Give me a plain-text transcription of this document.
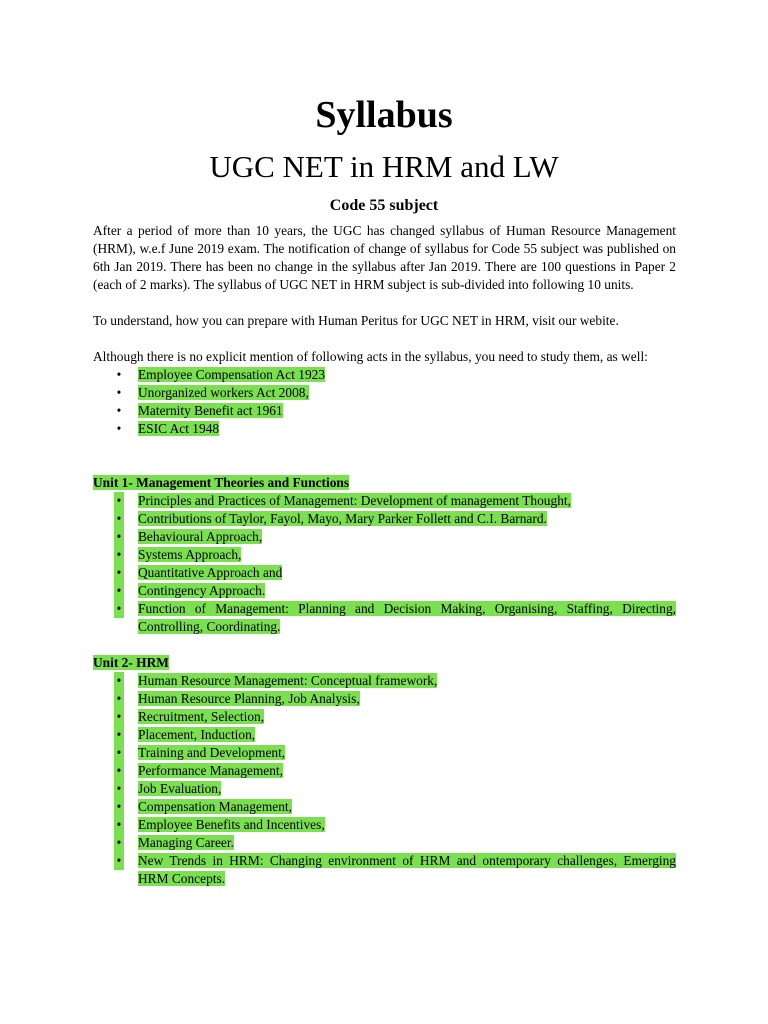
Syllabus
UGC NET in HRM and LW
Code 55 subject

After a period of more than 10 years, the UGC has changed syllabus of Human Resource Management (HRM), w.e.f June 2019 exam. The notification of change of syllabus for Code 55 subject was published on 6th Jan 2019. There has been no change in the syllabus after Jan 2019. There are 100 questions in Paper 2 (each of 2 marks). The syllabus of UGC NET in HRM subject is sub-divided into following 10 units.

To understand, how you can prepare with Human Peritus for UGC NET in HRM, visit our webite.

Although there is no explicit mention of following acts in the syllabus, you need to study them, as well:

• Employee Compensation Act 1923
• Unorganized workers Act 2008,
• Maternity Benefit act 1961
• ESIC Act 1948

Unit 1- Management Theories and Functions

• Principles and Practices of Management: Development of management Thought,
• Contributions of Taylor, Fayol, Mayo, Mary Parker Follett and C.I. Barnard.
• Behavioural Approach,
• Systems Approach,
• Quantitative Approach and
• Contingency Approach.
• Function of Management: Planning and Decision Making, Organising, Staffing, Directing, Controlling, Coordinating.

Unit 2- HRM

• Human Resource Management: Conceptual framework,
• Human Resource Planning, Job Analysis,
• Recruitment, Selection,
• Placement, Induction,
• Training and Development,
• Performance Management,
• Job Evaluation,
• Compensation Management,
• Employee Benefits and Incentives,
• Managing Career.
• New Trends in HRM: Changing environment of HRM and ontemporary challenges, Emerging HRM Concepts.
